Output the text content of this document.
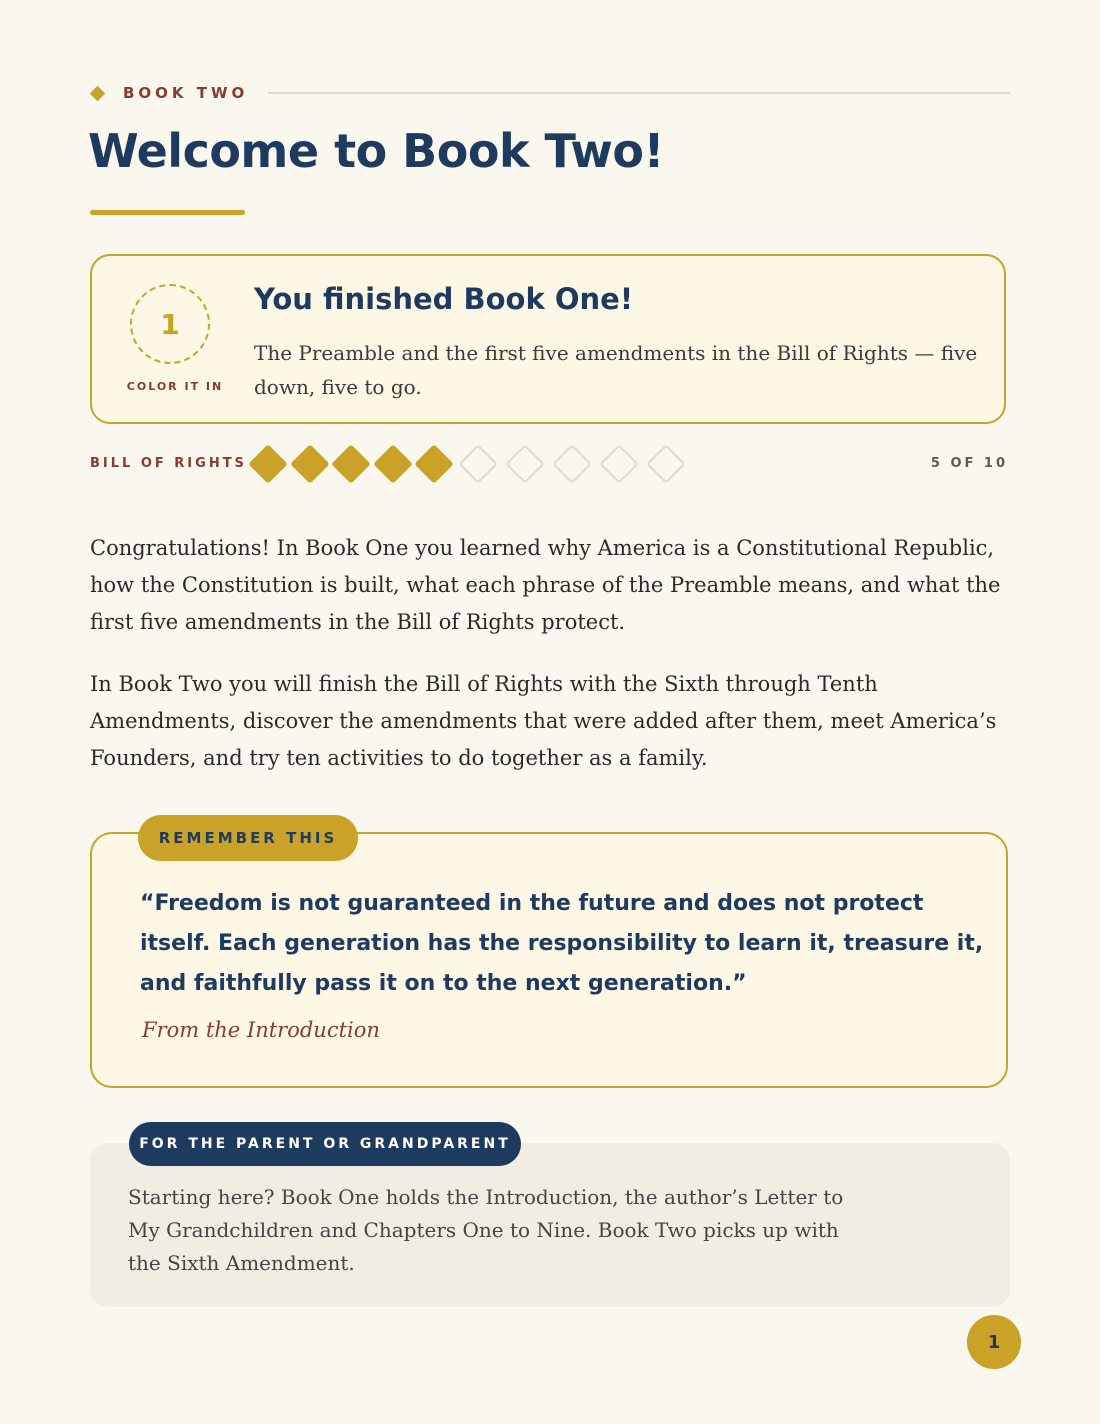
BOOK TWO
Welcome to Book Two!
1
COLOR IT IN
You finished Book One!

The Preamble and the first five amendments in the Bill of Rights — five down, five to go.

BILL OF RIGHTS	5 OF 10

Congratulations! In Book One you learned why America is a Constitutional Republic, how the Constitution is built, what each phrase of the Preamble means, and what the first five amendments in the Bill of Rights protect.

In Book Two you will finish the Bill of Rights with the Sixth through Tenth Amendments, discover the amendments that were added after them, meet America’s Founders, and try ten activities to do together as a family.

REMEMBER THIS

“Freedom is not guaranteed in the future and does not protect itself. Each generation has the responsibility to learn it, treasure it, and faithfully pass it on to the next generation.”

From the Introduction

Starting here? Book One holds the Introduction, the author’s Letter to My Grandchildren and Chapters One to Nine. Book Two picks up with the Sixth Amendment.

FOR THE PARENT OR GRANDPARENT
1
